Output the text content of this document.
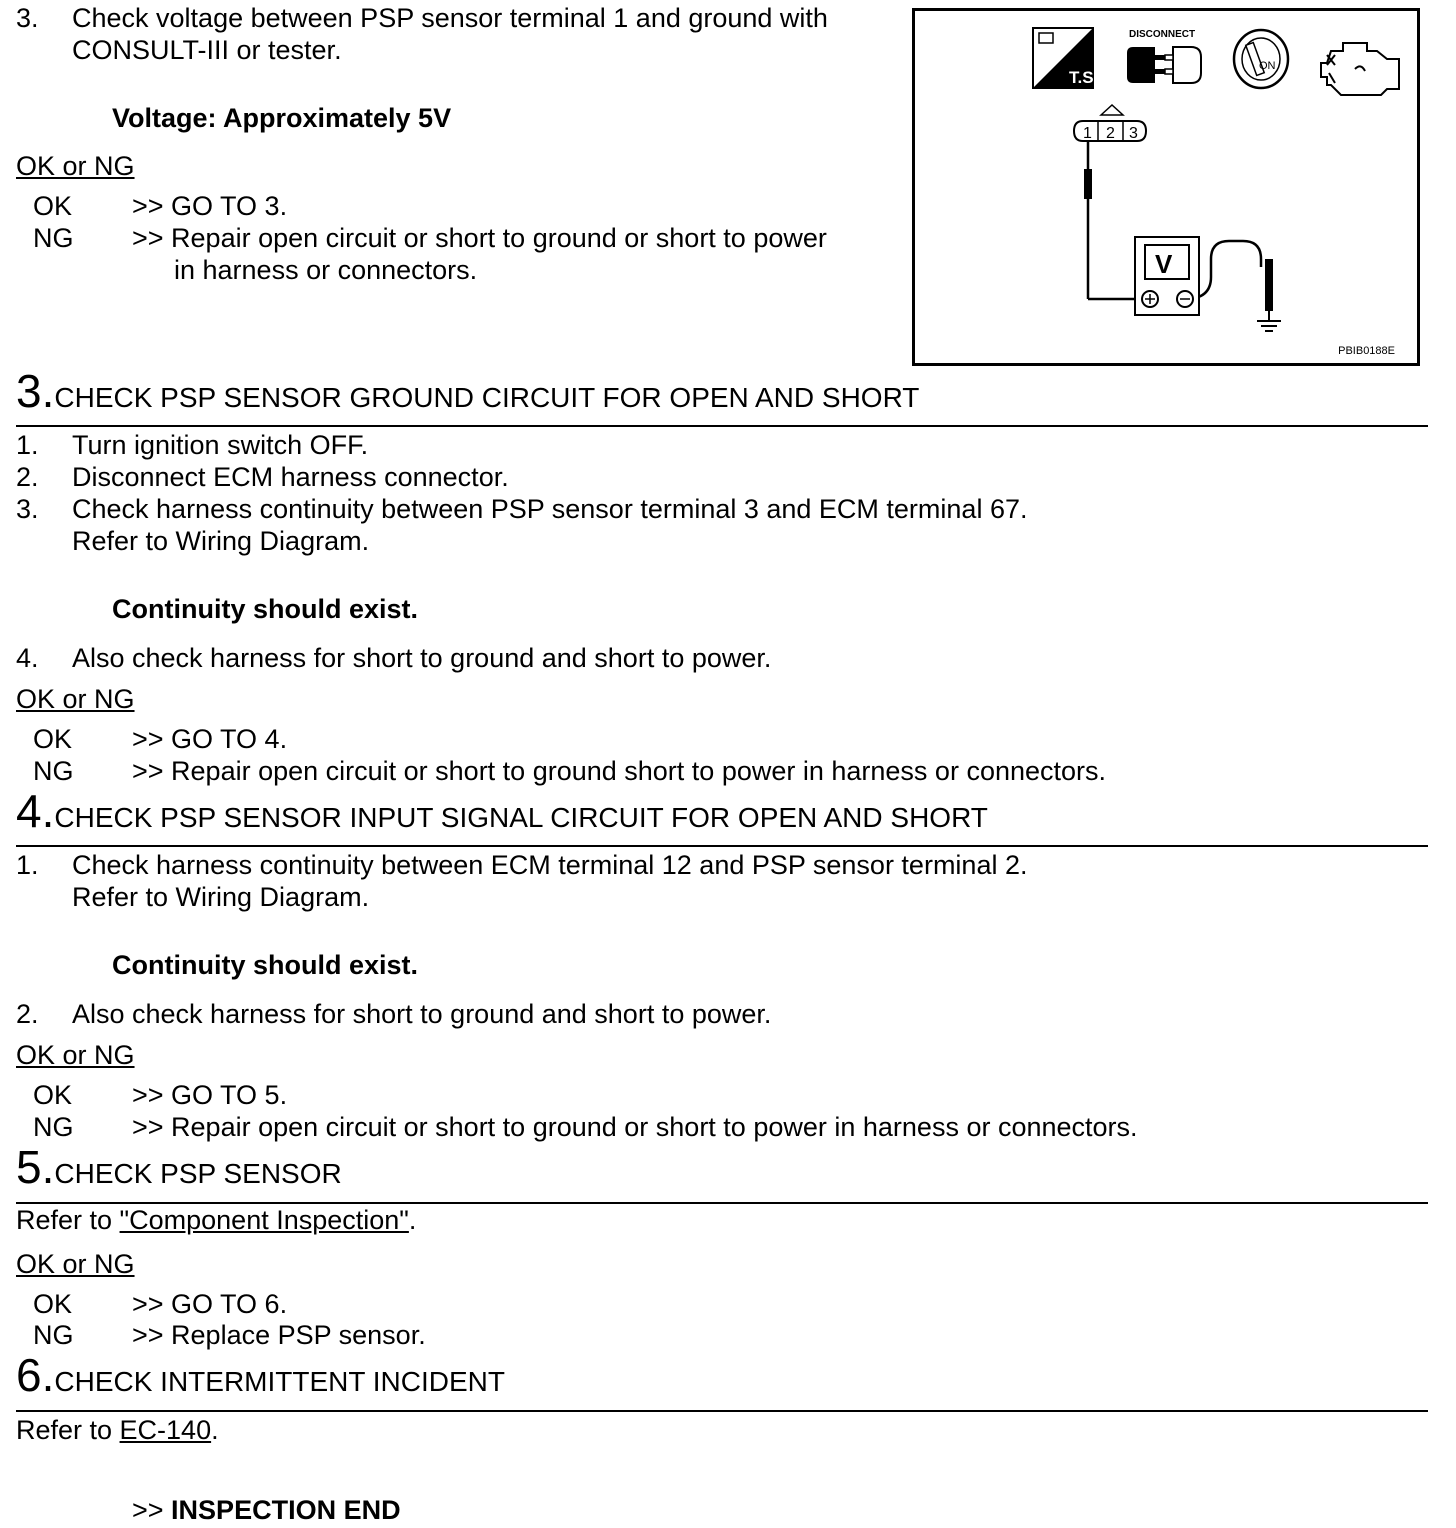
3. Check voltage between PSP sensor terminal 1 and ground with
CONSULT-III or tester.
Voltage: Approximately 5V
OK or NG
OK >> GO TO 3.
NG >> Repair open circuit or short to ground or short to power
in harness or connectors.
T.S.
DISCONNECT
ON
1 2 3
V
PBIB0188E
3.CHECK PSP SENSOR GROUND CIRCUIT FOR OPEN AND SHORT
1. Turn ignition switch OFF.
2. Disconnect ECM harness connector.
3. Check harness continuity between PSP sensor terminal 3 and ECM terminal 67.
Refer to Wiring Diagram.
Continuity should exist.
4. Also check harness for short to ground and short to power.
OK or NG
OK >> GO TO 4.
NG >> Repair open circuit or short to ground short to power in harness or connectors.
4.CHECK PSP SENSOR INPUT SIGNAL CIRCUIT FOR OPEN AND SHORT
1. Check harness continuity between ECM terminal 12 and PSP sensor terminal 2.
Refer to Wiring Diagram.
Continuity should exist.
2. Also check harness for short to ground and short to power.
OK or NG
OK >> GO TO 5.
NG >> Repair open circuit or short to ground or short to power in harness or connectors.
5.CHECK PSP SENSOR
Refer to "Component Inspection".
OK or NG
OK >> GO TO 6.
NG >> Replace PSP sensor.
6.CHECK INTERMITTENT INCIDENT
Refer to EC-140.
>> INSPECTION END
